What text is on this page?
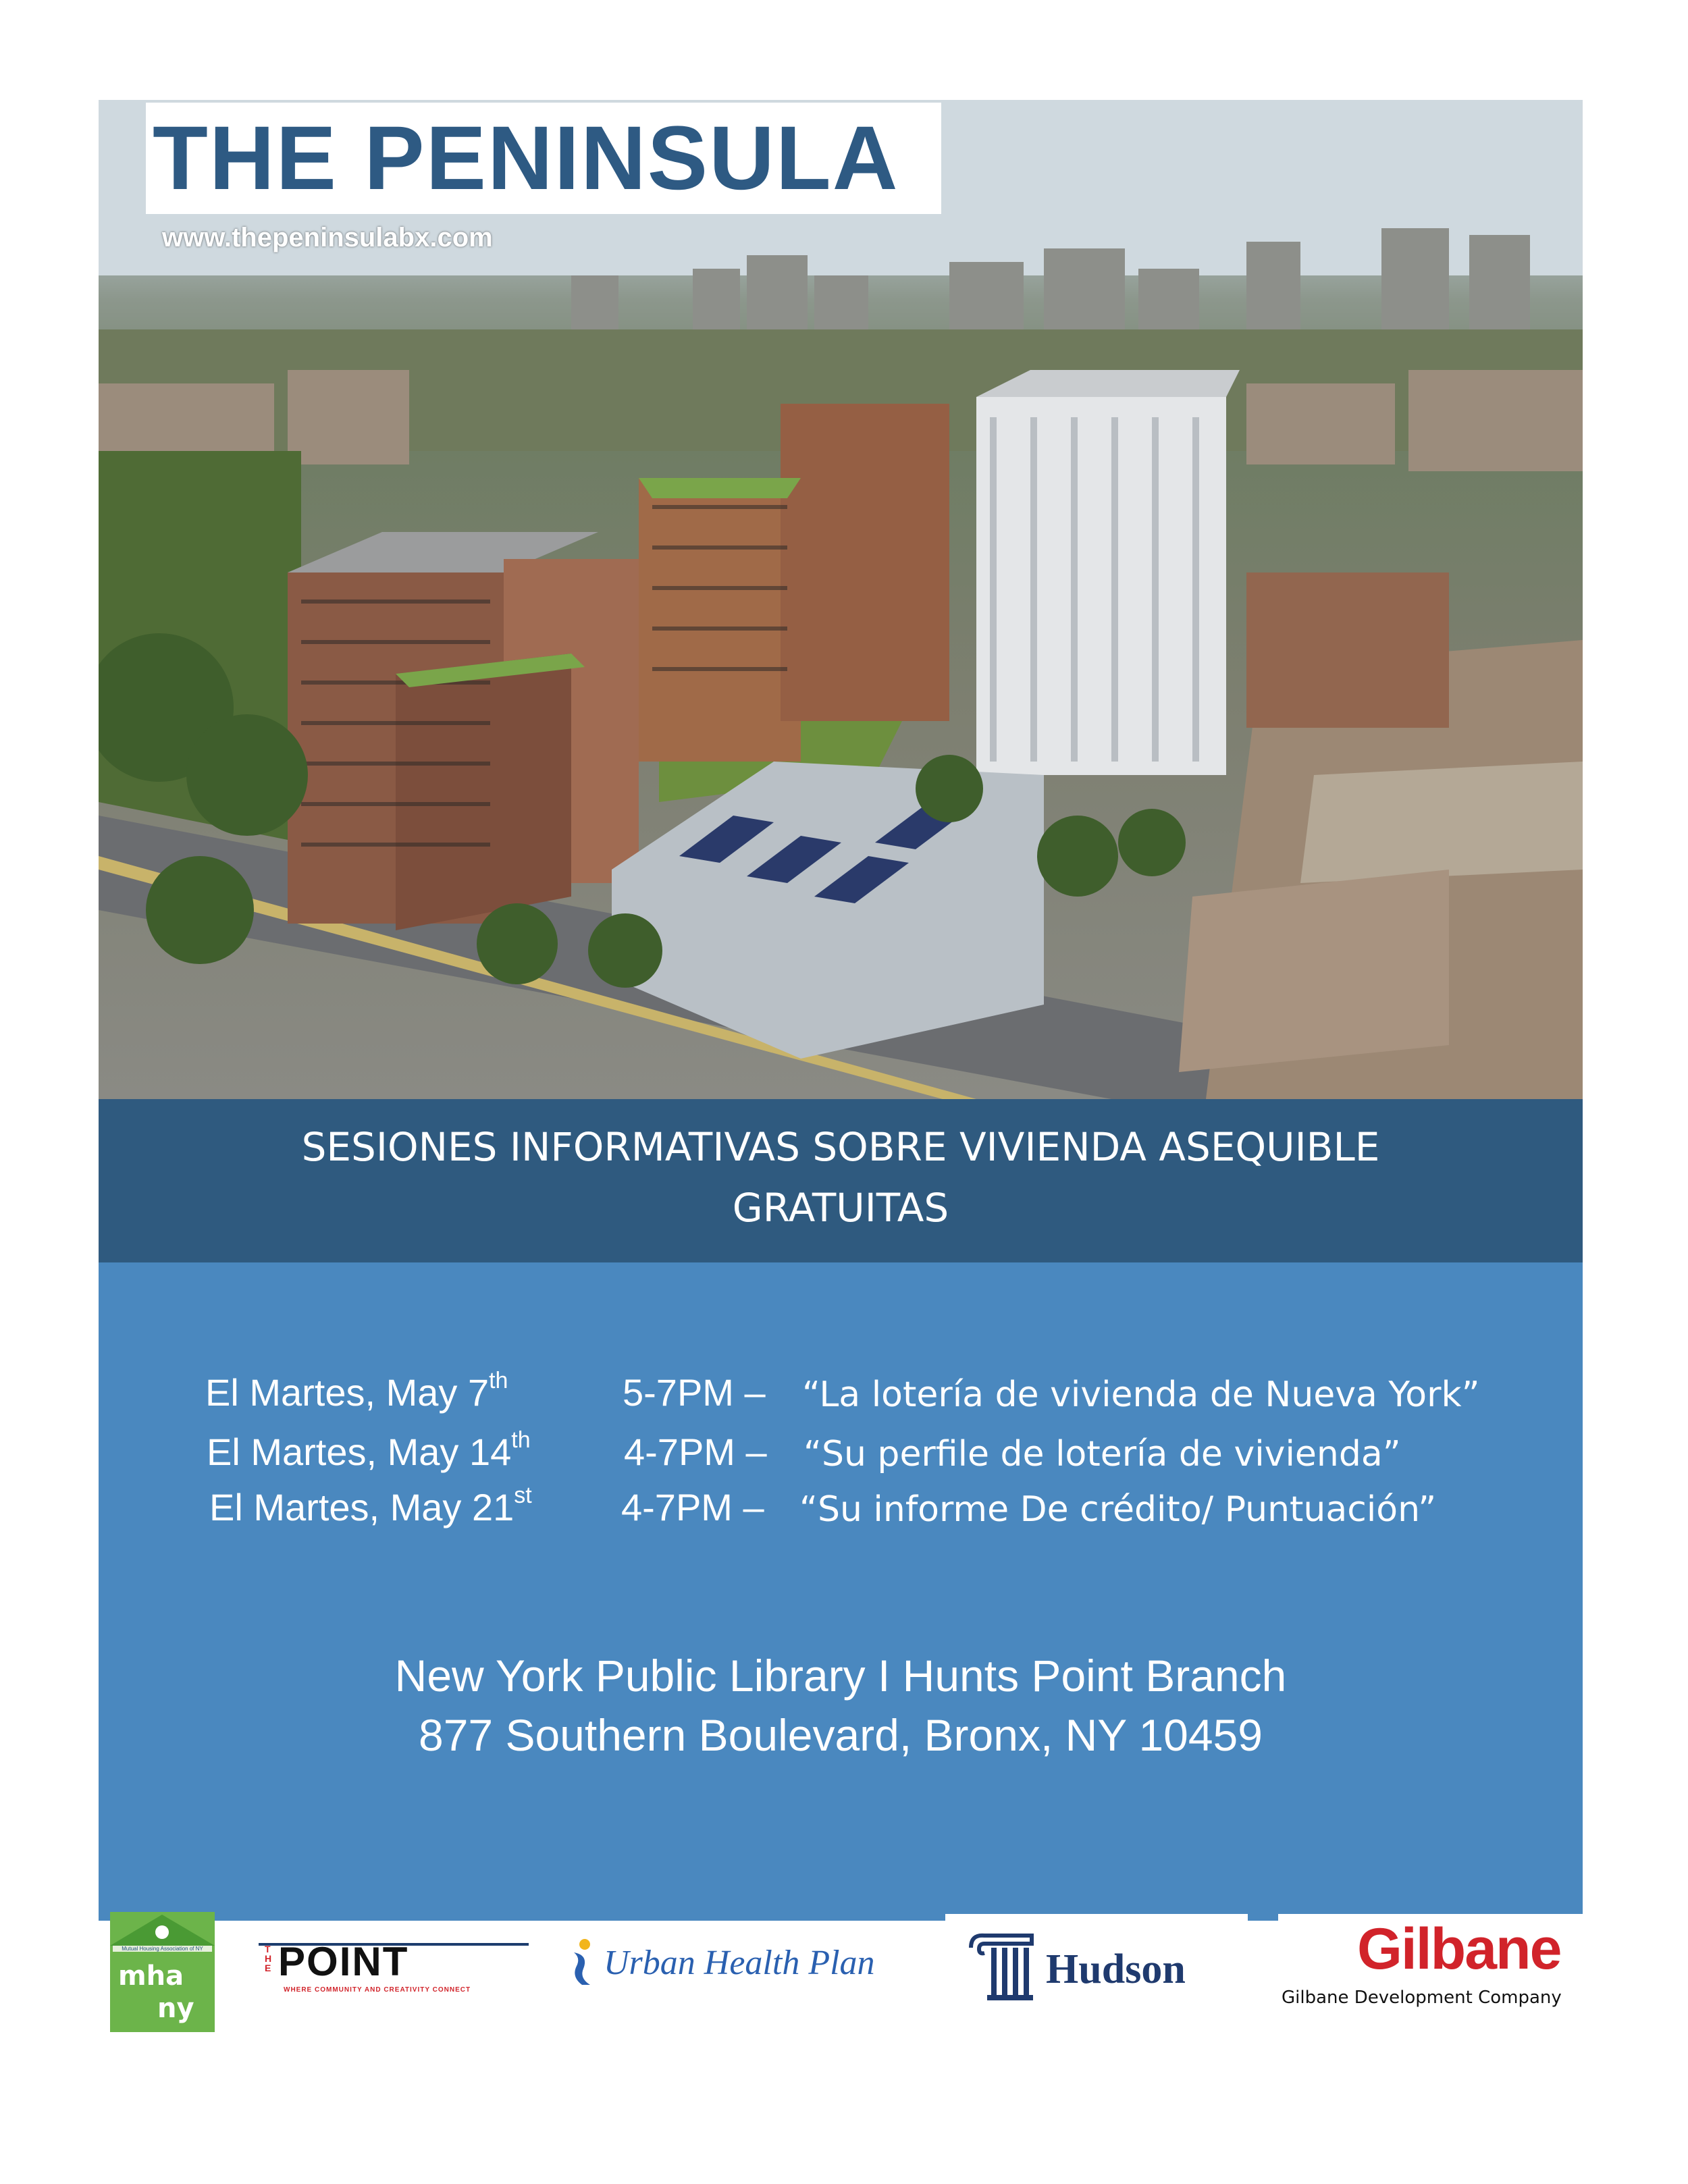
THE PENINSULA
www.thepeninsulabx.com
SESIONES INFORMATIVAS SOBRE VIVIENDA ASEQUIBLE
GRATUITAS
El Martes, May 7th	5-7PM – “La lotería de vivienda de Nueva York”
El Martes, May 14th 4-7PM – “Su perfile de lotería de vivienda”
El Martes, May 21st 4-7PM – “Su informe De crédito/ Puntuación”
New York Public Library I Hunts Point Branch
877 Southern Boulevard, Bronx, NY 10459
Mutual Housing Association of NY
mha
ny
THE POINT
WHERE COMMUNITY AND CREATIVITY CONNECT
Urban Health Plan	Hudson	Gilbane
Gilbane Development Company
